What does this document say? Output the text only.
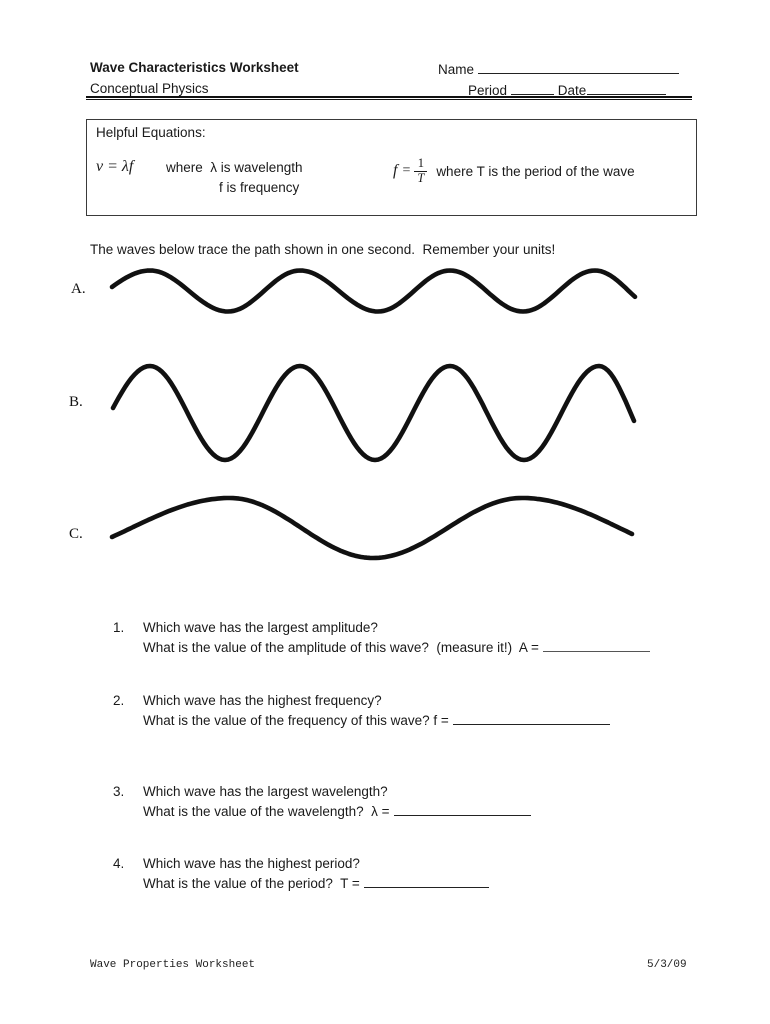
Wave Characteristics Worksheet
Conceptual Physics
Name
Period	Date
Helpful Equations:
v = λf where  λ is wavelength
f is frequency
$f = \frac{1}{T}$ where T is the period of the wave
The waves below trace the path shown in one second.  Remember your units!
A.
B.
C.
1.	Which wave has the largest amplitude?
What is the value of the amplitude of this wave?  (measure it!)  A =
2.	Which wave has the highest frequency?
What is the value of the frequency of this wave? f =
3.	Which wave has the largest wavelength?
What is the value of the wavelength?  λ =
4.	Which wave has the highest period?
What is the value of the period?  T =
Wave Properties Worksheet	5/3/09
